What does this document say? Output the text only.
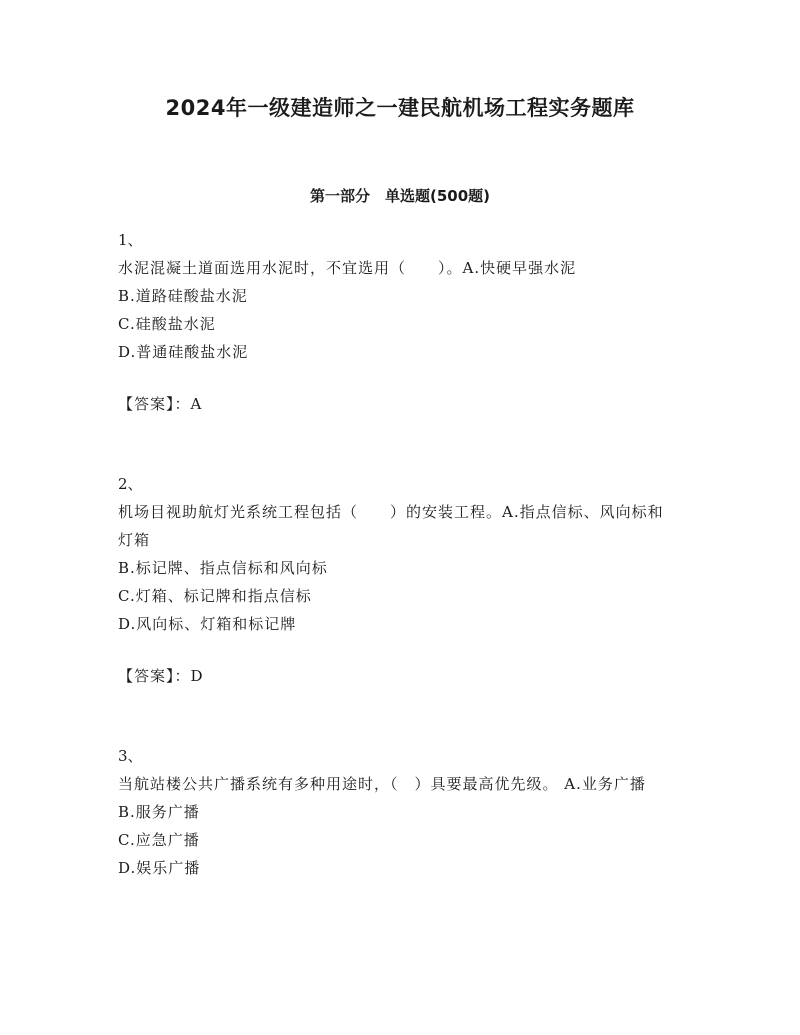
2024年一级建造师之一建民航机场工程实务题库
第一部分　单选题(500题)
1、
水泥混凝土道面选用水泥时，不宜选用（　　）。A.快硬早强水泥
B.道路硅酸盐水泥
C.硅酸盐水泥
D.普通硅酸盐水泥
【答案】：A
2、
机场目视助航灯光系统工程包括（　　）的安装工程。A.指点信标、风向标和灯箱
B.标记牌、指点信标和风向标
C.灯箱、标记牌和指点信标
D.风向标、灯箱和标记牌
【答案】：D
3、
当航站楼公共广播系统有多种用途时，（　）具要最高优先级。 A.业务广播
B.服务广播
C.应急广播
D.娱乐广播
